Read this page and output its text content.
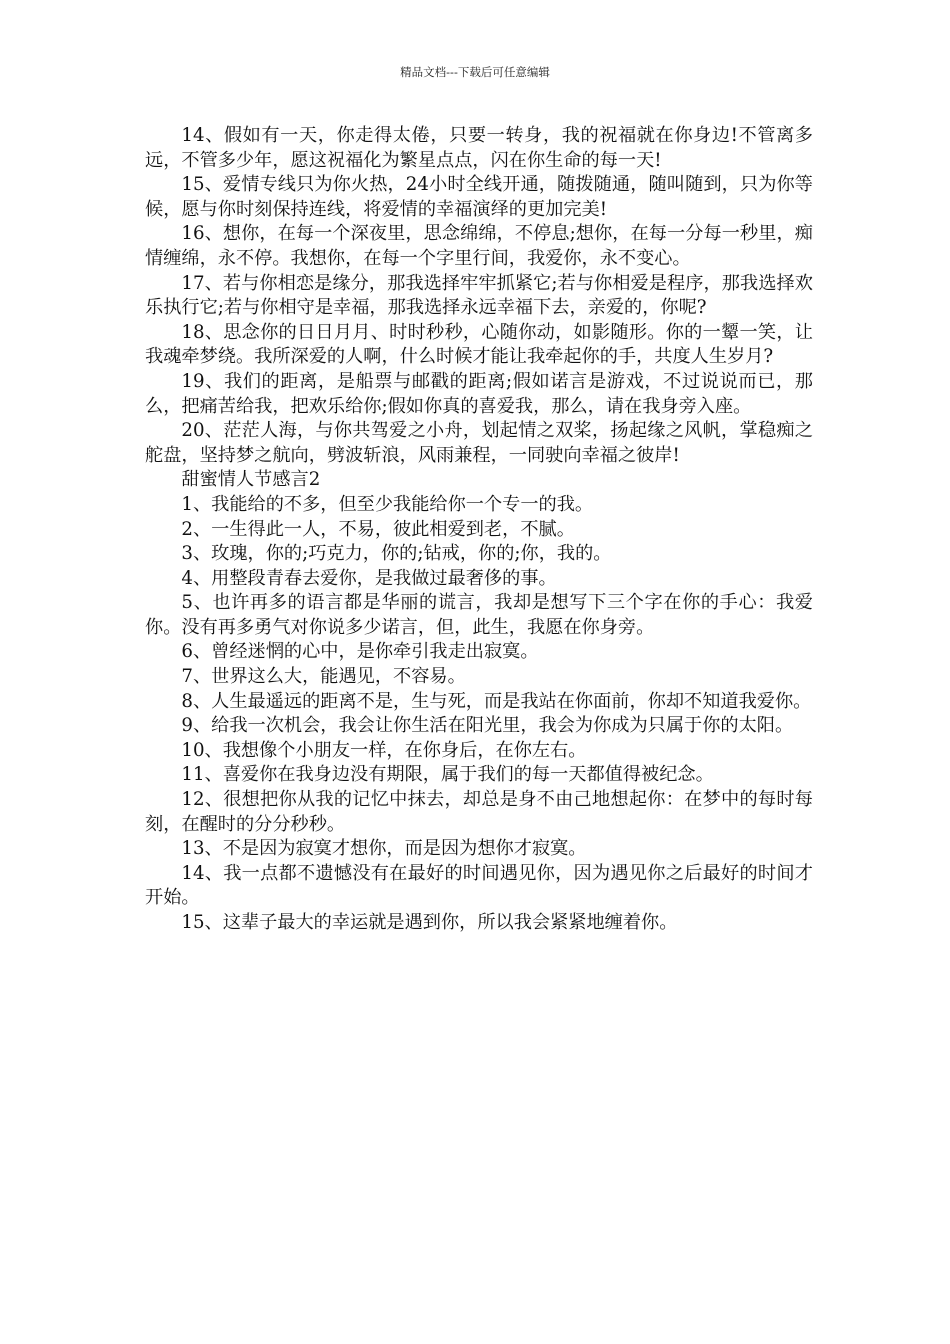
精品文档---下载后可任意编辑

14、假如有一天，你走得太倦，只要一转身，我的祝福就在你身边!不管离多远，不管多少年，愿这祝福化为繁星点点，闪在你生命的每一天!

15、爱情专线只为你火热，24小时全线开通，随拨随通，随叫随到，只为你等候，愿与你时刻保持连线，将爱情的幸福演绎的更加完美!

16、想你，在每一个深夜里，思念绵绵，不停息;想你，在每一分每一秒里，痴情缠绵，永不停。我想你，在每一个字里行间，我爱你，永不变心。

17、若与你相恋是缘分，那我选择牢牢抓紧它;若与你相爱是程序，那我选择欢乐执行它;若与你相守是幸福，那我选择永远幸福下去，亲爱的，你呢?

18、思念你的日日月月、时时秒秒，心随你动，如影随形。你的一颦一笑，让我魂牵梦绕。我所深爱的人啊，什么时候才能让我牵起你的手，共度人生岁月?

19、我们的距离，是船票与邮戳的距离;假如诺言是游戏，不过说说而已，那么，把痛苦给我，把欢乐给你;假如你真的喜爱我，那么，请在我身旁入座。

20、茫茫人海，与你共驾爱之小舟，划起情之双桨，扬起缘之风帆，掌稳痴之舵盘，坚持梦之航向，劈波斩浪，风雨兼程，一同驶向幸福之彼岸!

甜蜜情人节感言2

1、我能给的不多，但至少我能给你一个专一的我。

2、一生得此一人，不易，彼此相爱到老，不腻。

3、玫瑰，你的;巧克力，你的;钻戒，你的;你，我的。

4、用整段青春去爱你，是我做过最奢侈的事。

5、也许再多的语言都是华丽的谎言，我却是想写下三个字在你的手心：我爱你。没有再多勇气对你说多少诺言，但，此生，我愿在你身旁。

6、曾经迷惘的心中，是你牵引我走出寂寞。

7、世界这么大，能遇见，不容易。

8、人生最遥远的距离不是，生与死，而是我站在你面前，你却不知道我爱你。

9、给我一次机会，我会让你生活在阳光里，我会为你成为只属于你的太阳。

10、我想像个小朋友一样，在你身后，在你左右。

11、喜爱你在我身边没有期限，属于我们的每一天都值得被纪念。

12、很想把你从我的记忆中抹去，却总是身不由己地想起你：在梦中的每时每刻，在醒时的分分秒秒。

13、不是因为寂寞才想你，而是因为想你才寂寞。

14、我一点都不遗憾没有在最好的时间遇见你，因为遇见你之后最好的时间才开始。

15、这辈子最大的幸运就是遇到你，所以我会紧紧地缠着你。
